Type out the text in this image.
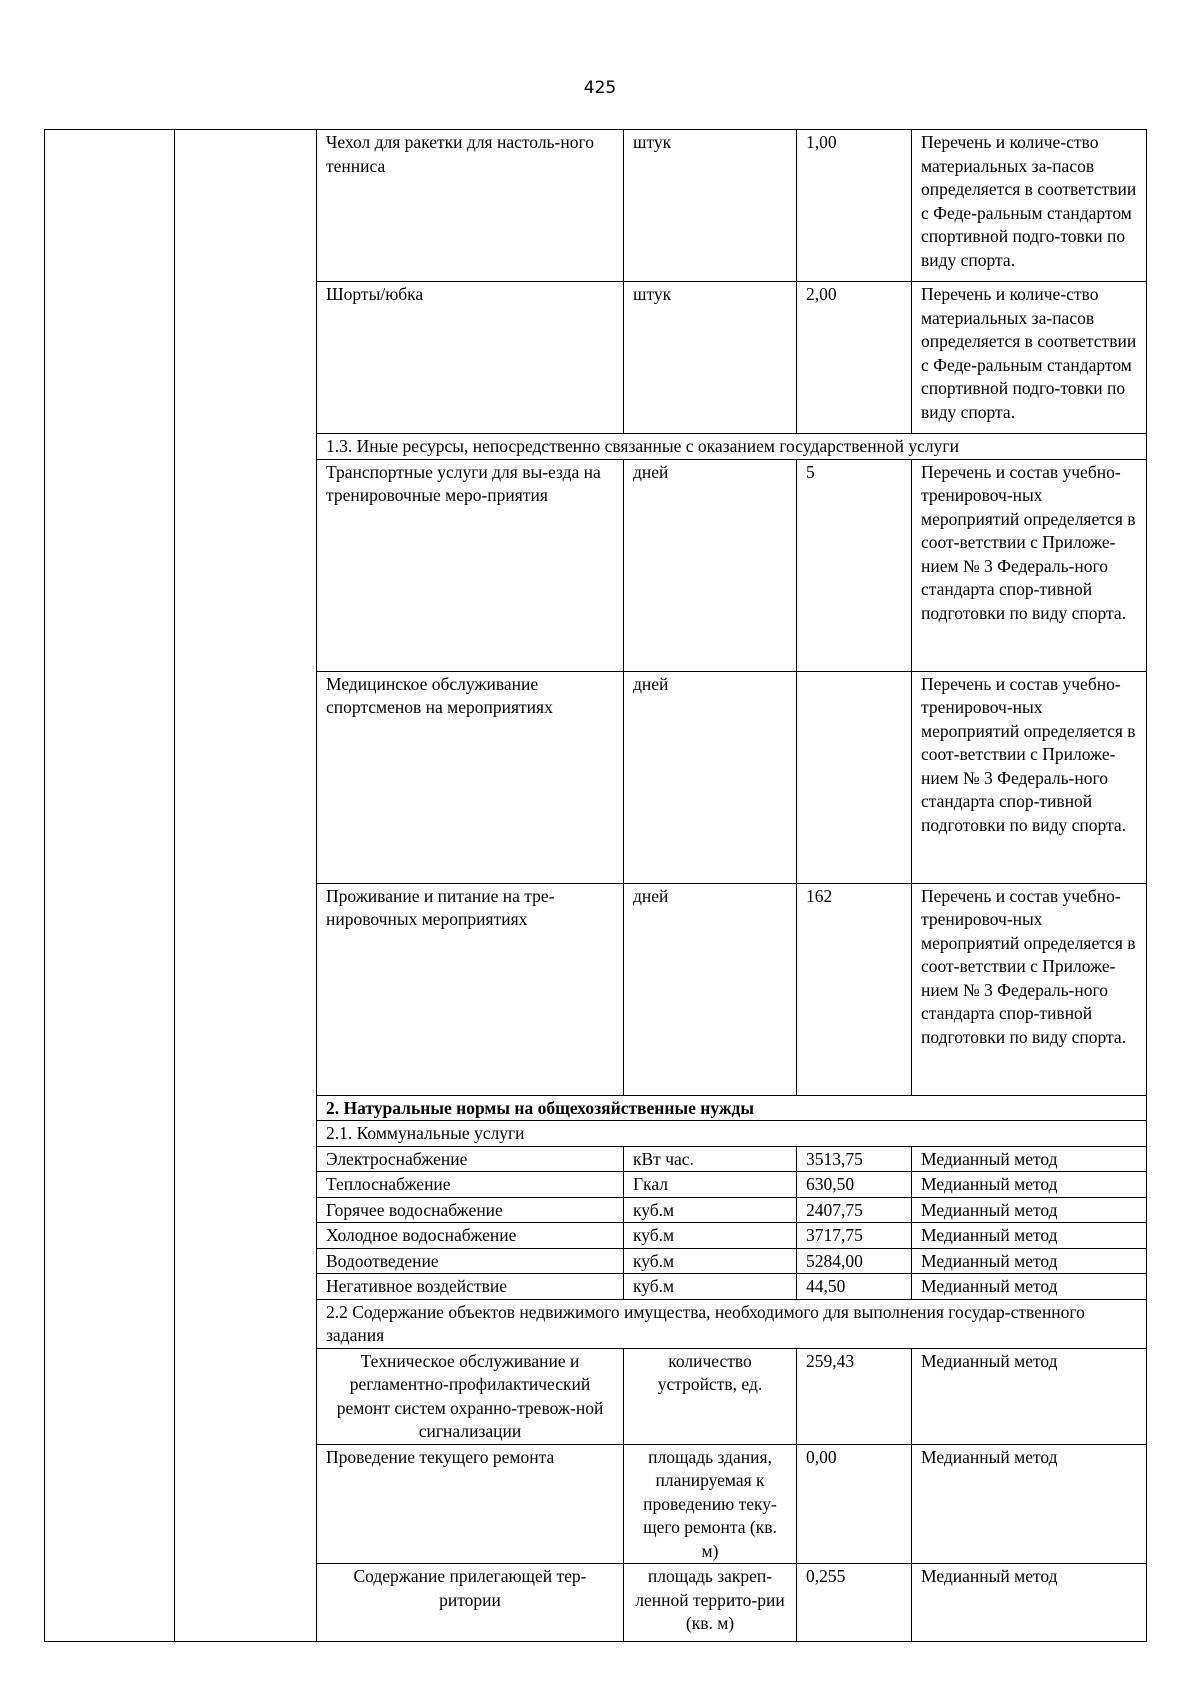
425
Чехол для ракетки для настоль-ного тенниса	штук	1,00	Перечень и количе-ство материальных за-пасов определяется в соответствии с Феде-ральным стандартом спортивной подго-товки по виду спорта.
Шорты/юбка	штук	2,00	Перечень и количе-ство материальных за-пасов определяется в соответствии с Феде-ральным стандартом спортивной подго-товки по виду спорта.
1.3. Иные ресурсы, непосредственно связанные с оказанием государственной услуги			
Транспортные услуги для вы-езда на тренировочные меро-приятия	дней	5	Перечень и состав учебно-тренировоч-ных мероприятий определяется в соот-ветствии с Приложе-нием № 3 Федераль-ного стандарта спор-тивной подготовки по виду спорта.
Медицинское обслуживание спортсменов на мероприятиях	дней		Перечень и состав учебно-тренировоч-ных мероприятий определяется в соот-ветствии с Приложе-нием № 3 Федераль-ного стандарта спор-тивной подготовки по виду спорта.
Проживание и питание на тре-нировочных мероприятиях	дней	162	Перечень и состав учебно-тренировоч-ных мероприятий определяется в соот-ветствии с Приложе-нием № 3 Федераль-ного стандарта спор-тивной подготовки по виду спорта.
2. Натуральные нормы на общехозяйственные нужды			
2.1. Коммунальные услуги			
Электроснабжение	кВт час.	3513,75	Медианный метод
Теплоснабжение	Гкал	630,50	Медианный метод
Горячее водоснабжение	куб.м	2407,75	Медианный метод
Холодное водоснабжение	куб.м	3717,75	Медианный метод
Водоотведение	куб.м	5284,00	Медианный метод
Негативное воздействие	куб.м	44,50	Медианный метод
2.2 Содержание объектов недвижимого имущества, необходимого для выполнения государ-ственного задания			
Техническое обслуживание и регламентно-профилактический ремонт систем охранно-тревож-ной сигнализации	количество устройств, ед.	259,43	Медианный метод
Проведение текущего ремонта	площадь здания, планируемая к проведению теку-щего ремонта (кв. м)	0,00	Медианный метод
Содержание прилегающей тер-ритории	площадь закреп-ленной террито-рии (кв. м)	0,255	Медианный метод
